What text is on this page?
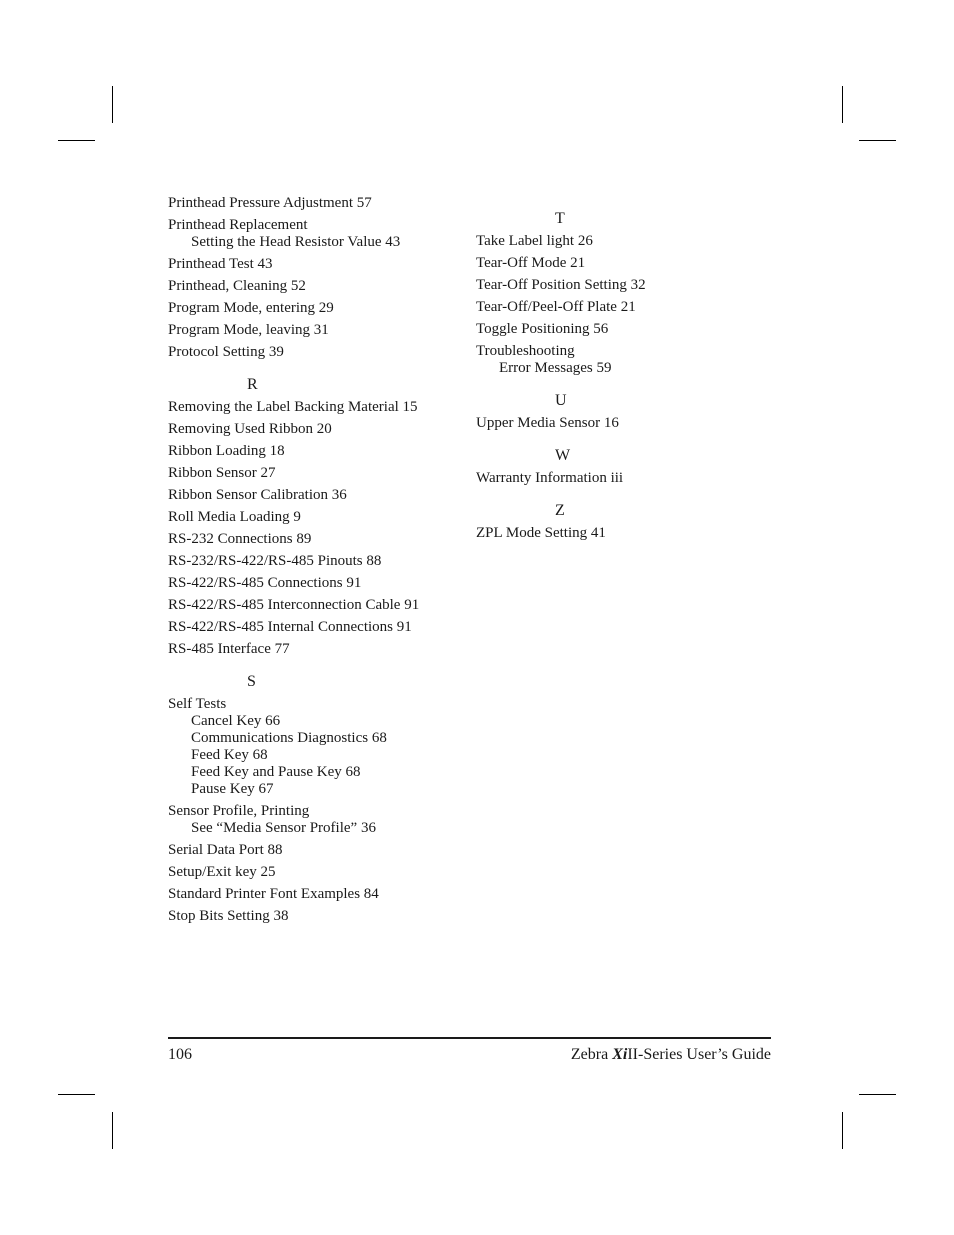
Printhead Pressure Adjustment 57
Printhead Replacement
Setting the Head Resistor Value 43
Printhead Test 43
Printhead, Cleaning 52
Program Mode, entering 29
Program Mode, leaving 31
Protocol Setting 39
R
Removing the Label Backing Material 15
Removing Used Ribbon 20
Ribbon Loading 18
Ribbon Sensor 27
Ribbon Sensor Calibration 36
Roll Media Loading 9
RS-232 Connections 89
RS-232/RS-422/RS-485 Pinouts 88
RS-422/RS-485 Connections 91
RS-422/RS-485 Interconnection Cable 91
RS-422/RS-485 Internal Connections 91
RS-485 Interface 77
S
Self Tests
Cancel Key 66
Communications Diagnostics 68
Feed Key 68
Feed Key and Pause Key 68
Pause Key 67
Sensor Profile, Printing
See “Media Sensor Profile” 36
Serial Data Port 88
Setup/Exit key 25
Standard Printer Font Examples 84
Stop Bits Setting 38
T
Take Label light 26
Tear-Off Mode 21
Tear-Off Position Setting 32
Tear-Off/Peel-Off Plate 21
Toggle Positioning 56
Troubleshooting
Error Messages 59
U
Upper Media Sensor 16
W
Warranty Information iii
Z
ZPL Mode Setting 41
106	Zebra XiII-Series User’s Guide
